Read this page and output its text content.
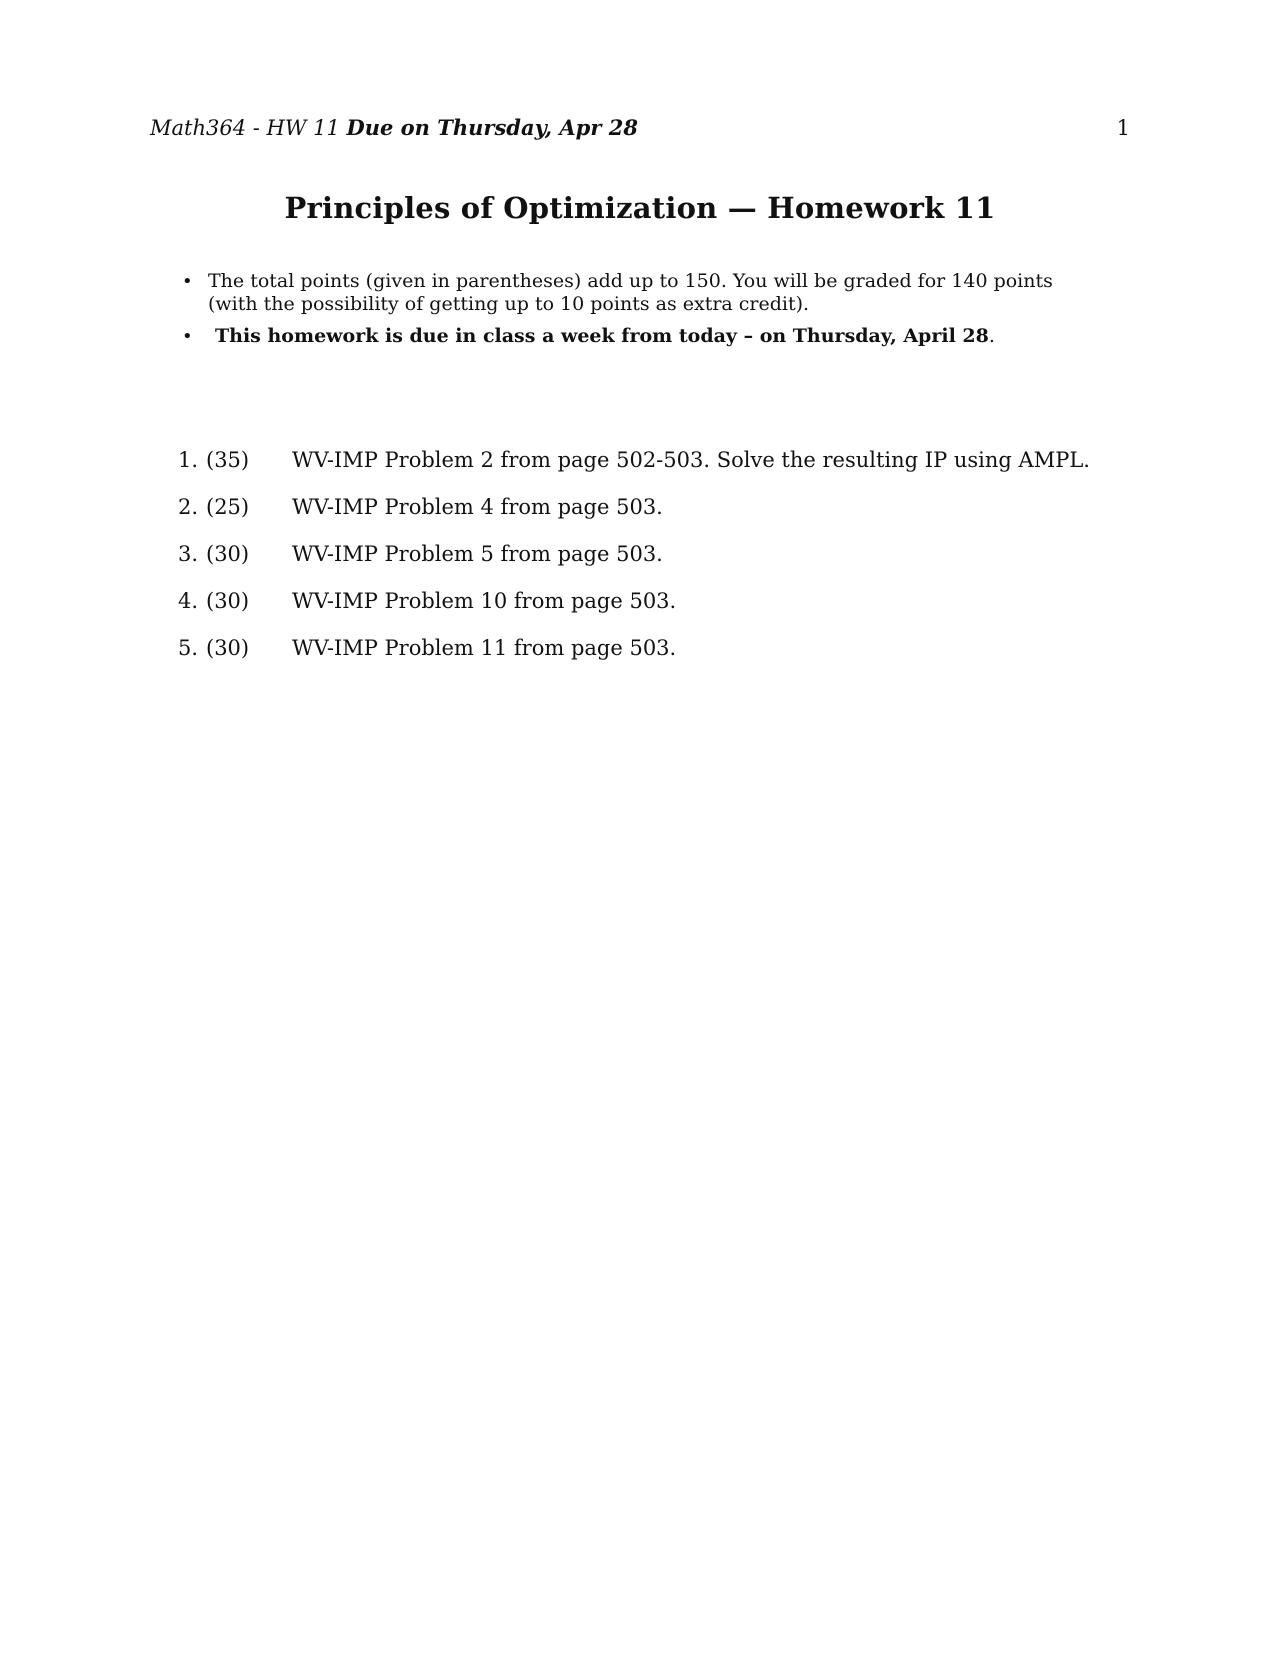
Math364 - HW 11 Due on Thursday, Apr 28	1
Principles of Optimization — Homework 11
• The total points (given in parentheses) add up to 150. You will be graded for 140 points
(with the possibility of getting up to 10 points as extra credit).
• This homework is due in class a week from today – on Thursday, April 28.
1. (35) WV-IMP Problem 2 from page 502-503. Solve the resulting IP using AMPL.
2. (25) WV-IMP Problem 4 from page 503.
3. (30) WV-IMP Problem 5 from page 503.
4. (30) WV-IMP Problem 10 from page 503.
5. (30) WV-IMP Problem 11 from page 503.
